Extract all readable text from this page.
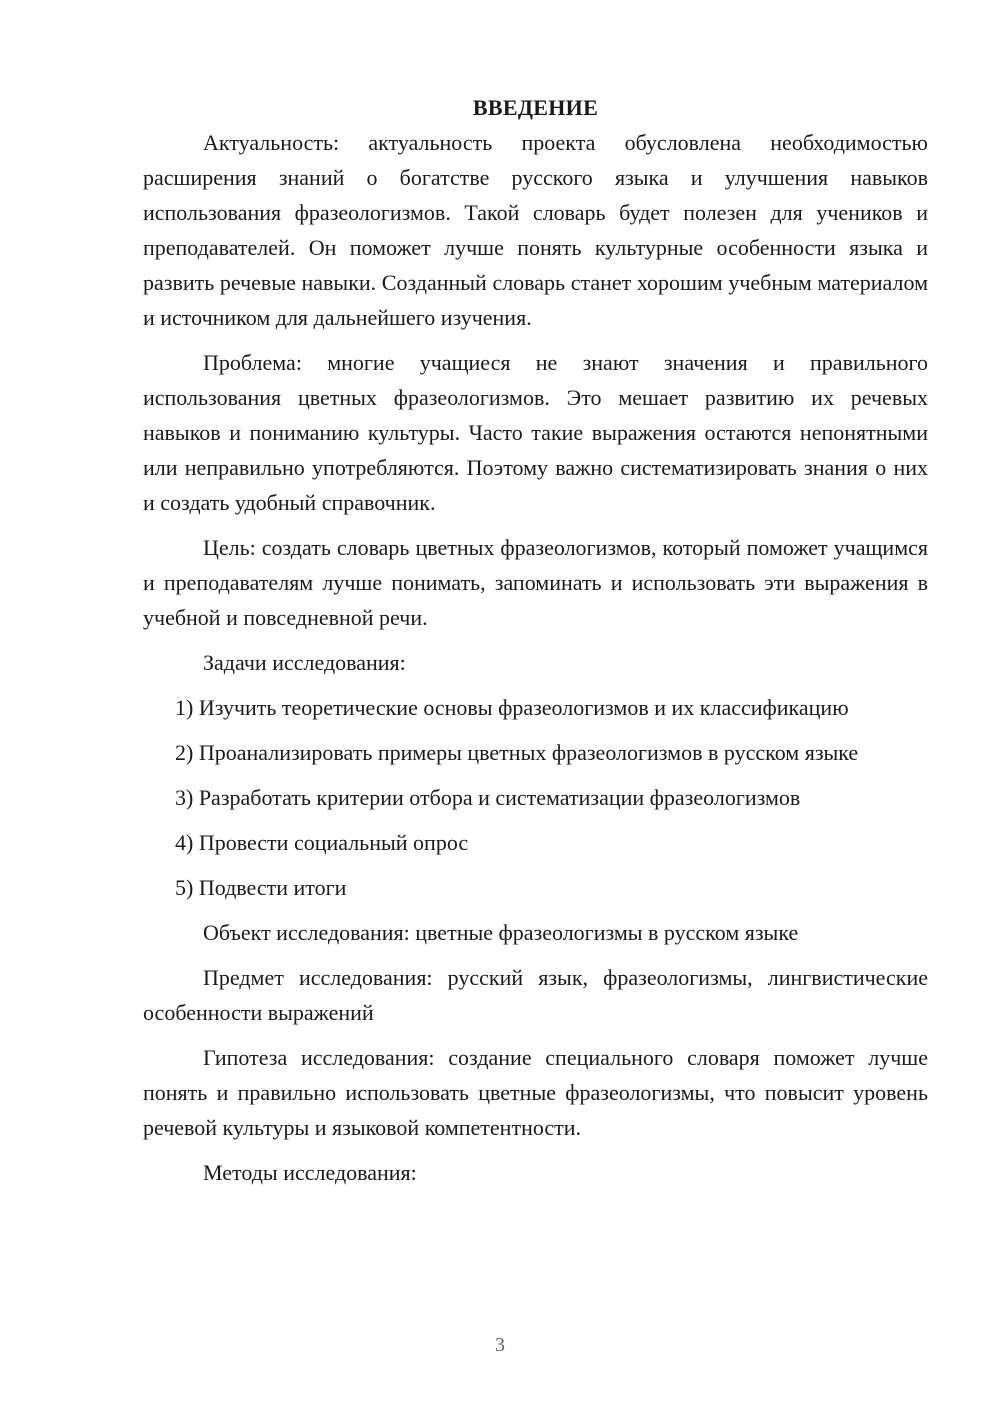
ВВЕДЕНИЕ

Актуальность: актуальность проекта обусловлена необходимостью расширения знаний о богатстве русского языка и улучшения навыков использования фразеологизмов. Такой словарь будет полезен для учеников и преподавателей. Он поможет лучше понять культурные особенности языка и развить речевые навыки. Созданный словарь станет хорошим учебным материалом и источником для дальнейшего изучения.

Проблема: многие учащиеся не знают значения и правильного использования цветных фразеологизмов. Это мешает развитию их речевых навыков и пониманию культуры. Часто такие выражения остаются непонятными или неправильно употребляются. Поэтому важно систематизировать знания о них и создать удобный справочник.

Цель: создать словарь цветных фразеологизмов, который поможет учащимся и преподавателям лучше понимать, запоминать и использовать эти выражения в учебной и повседневной речи.

Задачи исследования:

1) Изучить теоретические основы фразеологизмов и их классификацию

2) Проанализировать примеры цветных фразеологизмов в русском языке

3) Разработать критерии отбора и систематизации фразеологизмов

4) Провести социальный опрос

5) Подвести итоги

Объект исследования: цветные фразеологизмы в русском языке

Предмет исследования: русский язык, фразеологизмы, лингвистические особенности выражений

Гипотеза исследования: создание специального словаря поможет лучше понять и правильно использовать цветные фразеологизмы, что повысит уровень речевой культуры и языковой компетентности.

Методы исследования:

3
